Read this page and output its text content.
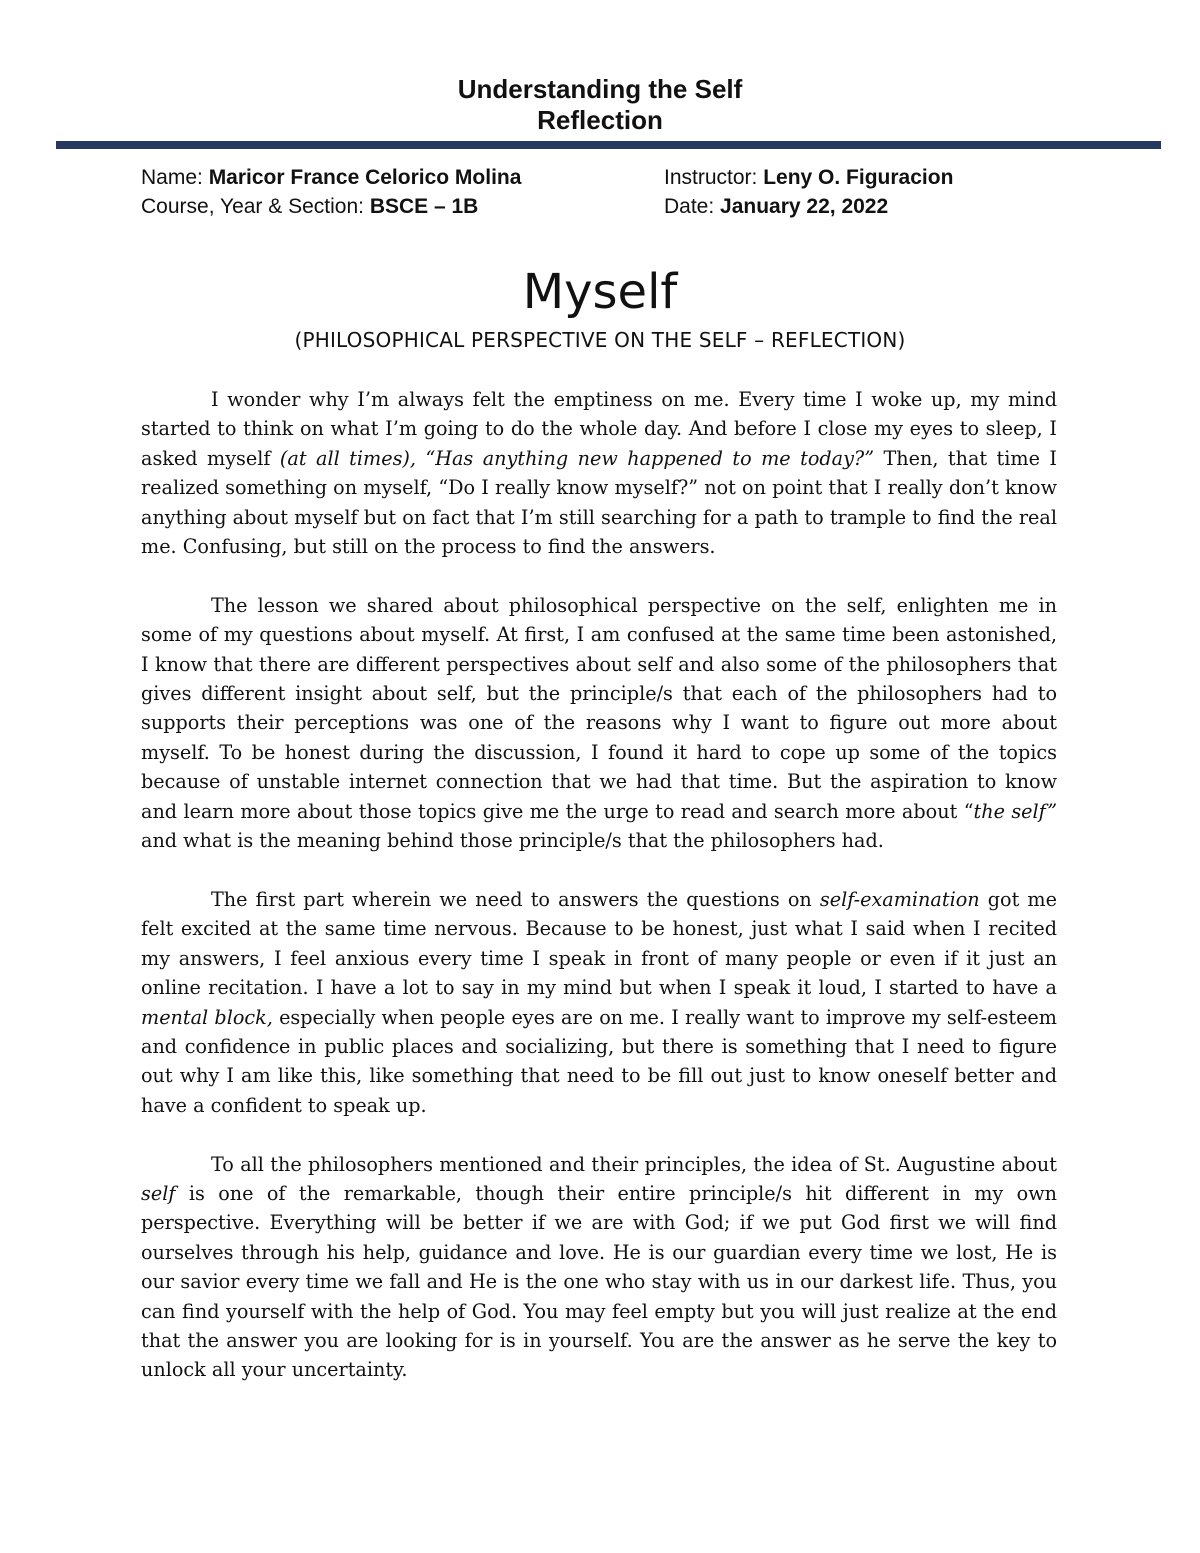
Understanding the Self
Reflection
Name: Maricor France Celorico Molina
Course, Year & Section: BSCE – 1B
Instructor: Leny O. Figuracion
Date: January 22, 2022
Myself
(PHILOSOPHICAL PERSPECTIVE ON THE SELF – REFLECTION)

I wonder why I’m always felt the emptiness on me. Every time I woke up, my mind started to think on what I’m going to do the whole day. And before I close my eyes to sleep, I asked myself (at all times), “Has anything new happened to me today?” Then, that time I realized something on myself, “Do I really know myself?” not on point that I really don’t know anything about myself but on fact that I’m still searching for a path to trample to find the real me. Confusing, but still on the process to find the answers.

The lesson we shared about philosophical perspective on the self, enlighten me in some of my questions about myself. At first, I am confused at the same time been astonished, I know that there are different perspectives about self and also some of the philosophers that gives different insight about self, but the principle/s that each of the philosophers had to supports their perceptions was one of the reasons why I want to figure out more about myself. To be honest during the discussion, I found it hard to cope up some of the topics because of unstable internet connection that we had that time. But the aspiration to know and learn more about those topics give me the urge to read and search more about “the self” and what is the meaning behind those principle/s that the philosophers had.

The first part wherein we need to answers the questions on self-examination got me felt excited at the same time nervous. Because to be honest, just what I said when I recited my answers, I feel anxious every time I speak in front of many people or even if it just an online recitation. I have a lot to say in my mind but when I speak it loud, I started to have a mental block, especially when people eyes are on me. I really want to improve my self-esteem and confidence in public places and socializing, but there is something that I need to figure out why I am like this, like something that need to be fill out just to know oneself better and have a confident to speak up.

To all the philosophers mentioned and their principles, the idea of St. Augustine about self is one of the remarkable, though their entire principle/s hit different in my own perspective. Everything will be better if we are with God; if we put God first we will find ourselves through his help, guidance and love. He is our guardian every time we lost, He is our savior every time we fall and He is the one who stay with us in our darkest life. Thus, you can find yourself with the help of God. You may feel empty but you will just realize at the end that the answer you are looking for is in yourself. You are the answer as he serve the key to unlock all your uncertainty.
